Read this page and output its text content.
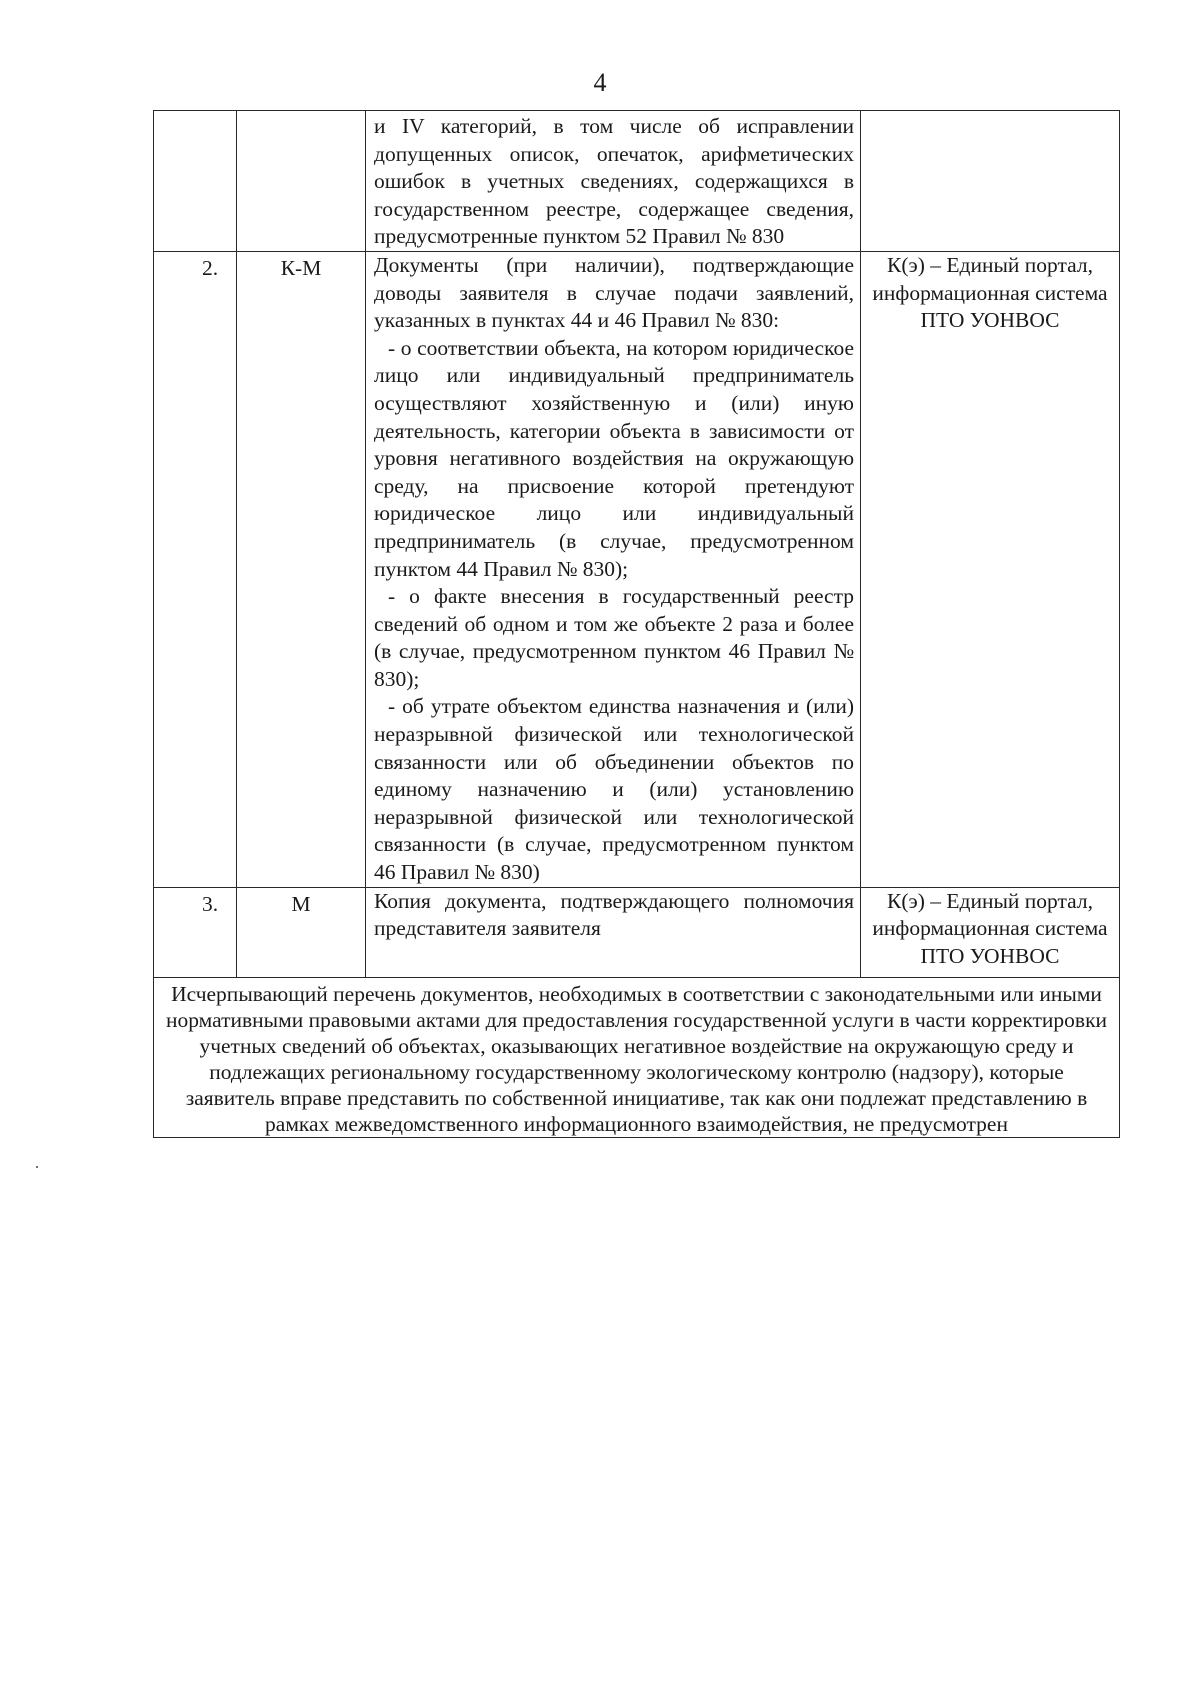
4

		и IV категорий, в том числе об исправлении допущенных описок, опечаток, арифметических ошибок в учетных сведениях, содержащихся в государственном реестре, содержащее сведения, предусмотренные пунктом 52 Правил № 830	

2.	К-М	Документы (при наличии), подтверждающие доводы заявителя в случае подачи заявлений, указанных в пунктах 44 и 46 Правил № 830:

- о соответствии объекта, на котором юридическое лицо или индивидуальный предприниматель осуществляют хозяйственную и (или) иную деятельность, категории объекта в зависимости от уровня негативного воздействия на окружающую среду, на присвоение которой претендуют юридическое лицо или индивидуальный предприниматель (в случае, предусмотренном пунктом 44 Правил № 830);

- о факте внесения в государственный реестр сведений об одном и том же объекте 2 раза и более (в случае, предусмотренном пунктом 46 Правил № 830);

- об утрате объектом единства назначения и (или) неразрывной физической или технологической связанности или об объединении объектов по единому назначению и (или) установлению неразрывной физической или технологической связанности (в случае, предусмотренном пунктом 46 Правил № 830)	К(э) – Единый портал, информационная система ПТО УОНВОС
3.	М	Копия документа, подтверждающего полномочия представителя заявителя	К(э) – Единый портал, информационная система ПТО УОНВОС
Исчерпывающий перечень документов, необходимых в соответствии с законодательными или иными нормативными правовыми актами для предоставления государственной услуги в части корректировки учетных сведений об объектах, оказывающих негативное воздействие на окружающую среду и подлежащих региональному государственному экологическому контролю (надзору), которые заявитель вправе представить по собственной инициативе, так как они подлежат представлению в рамках межведомственного информационного взаимодействия, не предусмотрен			
